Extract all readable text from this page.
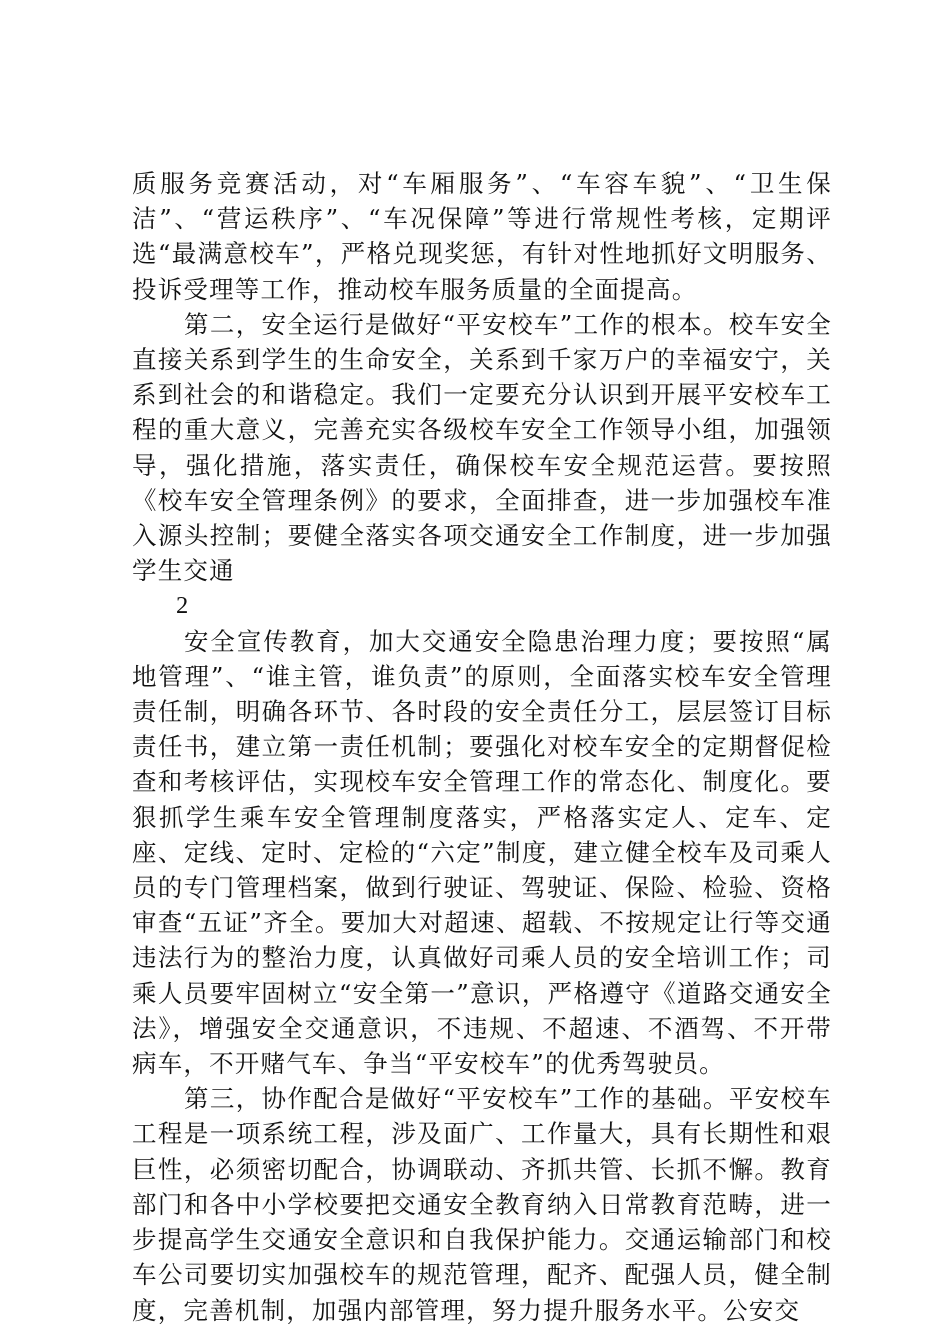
质服务竞赛活动，对“车厢服务”、“车容车貌”、“卫生保洁”、“营运秩序”、“车况保障”等进行常规性考核，定期评选“最满意校车”，严格兑现奖惩，有针对性地抓好文明服务、投诉受理等工作，推动校车服务质量的全面提高。

第二，安全运行是做好“平安校车”工作的根本。校车安全直接关系到学生的生命安全，关系到千家万户的幸福安宁，关系到社会的和谐稳定。我们一定要充分认识到开展平安校车工程的重大意义，完善充实各级校车安全工作领导小组，加强领导，强化措施，落实责任，确保校车安全规范运营。要按照《校车安全管理条例》的要求，全面排查，进一步加强校车准入源头控制；要健全落实各项交通安全工作制度，进一步加强学生交通

2

安全宣传教育，加大交通安全隐患治理力度；要按照“属地管理”、“谁主管，谁负责”的原则，全面落实校车安全管理责任制，明确各环节、各时段的安全责任分工，层层签订目标责任书，建立第一责任机制；要强化对校车安全的定期督促检查和考核评估，实现校车安全管理工作的常态化、制度化。要狠抓学生乘车安全管理制度落实，严格落实定人、定车、定座、定线、定时、定检的“六定”制度，建立健全校车及司乘人员的专门管理档案，做到行驶证、驾驶证、保险、检验、资格审查“五证”齐全。要加大对超速、超载、不按规定让行等交通违法行为的整治力度，认真做好司乘人员的安全培训工作；司乘人员要牢固树立“安全第一”意识，严格遵守《道路交通安全法》，增强安全交通意识，不违规、不超速、不酒驾、不开带病车，不开赌气车、争当“平安校车”的优秀驾驶员。

第三，协作配合是做好“平安校车”工作的基础。平安校车工程是一项系统工程，涉及面广、工作量大，具有长期性和艰巨性，必须密切配合，协调联动、齐抓共管、长抓不懈。教育部门和各中小学校要把交通安全教育纳入日常教育范畴，进一步提高学生交通安全意识和自我保护能力。交通运输部门和校车公司要切实加强校车的规范管理，配齐、配强人员，健全制度，完善机制，加强内部管理，努力提升服务水平。公安交
